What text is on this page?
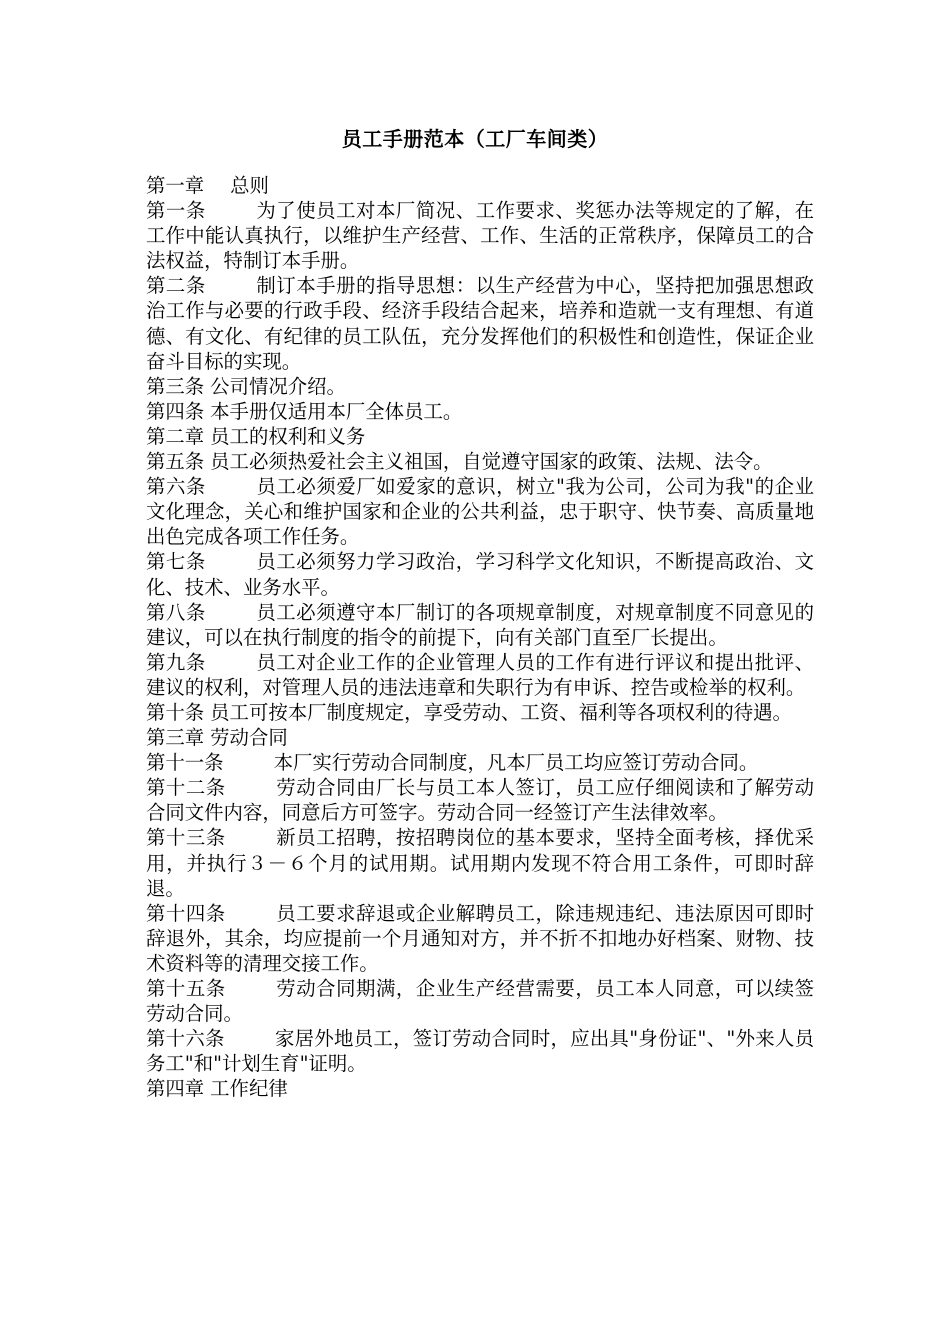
员工手册范本（工厂车间类）

第一章 总则

第一条	为了使员工对本厂简况、工作要求、奖惩办法等规定的了解，在工作中能认真执行，以维护生产经营、工作、生活的正常秩序，保障员工的合法权益，特制订本手册。

第二条	制订本手册的指导思想：以生产经营为中心，坚持把加强思想政治工作与必要的行政手段、经济手段结合起来，培养和造就一支有理想、有道德、有文化、有纪律的员工队伍，充分发挥他们的积极性和创造性，保证企业奋斗目标的实现。

第三条 公司情况介绍。

第四条 本手册仅适用本厂全体员工。

第二章 员工的权利和义务

第五条 员工必须热爱社会主义祖国，自觉遵守国家的政策、法规、法令。

第六条	员工必须爱厂如爱家的意识，树立"我为公司，公司为我"的企业文化理念，关心和维护国家和企业的公共利益，忠于职守、快节奏、高质量地出色完成各项工作任务。

第七条	员工必须努力学习政治，学习科学文化知识，不断提高政治、文化、技术、业务水平。

第八条	员工必须遵守本厂制订的各项规章制度，对规章制度不同意见的建议，可以在执行制度的指令的前提下，向有关部门直至厂长提出。

第九条	员工对企业工作的企业管理人员的工作有进行评议和提出批评、建议的权利，对管理人员的违法违章和失职行为有申诉、控告或检举的权利。

第十条 员工可按本厂制度规定，享受劳动、工资、福利等各项权利的待遇。

第三章 劳动合同

第十一条	本厂实行劳动合同制度，凡本厂员工均应签订劳动合同。

第十二条	劳动合同由厂长与员工本人签订，员工应仔细阅读和了解劳动合同文件内容，同意后方可签字。劳动合同一经签订产生法律效率。

第十三条	新员工招聘，按招聘岗位的基本要求，坚持全面考核，择优采用，并执行３－６个月的试用期。试用期内发现不符合用工条件，可即时辞退。

第十四条	员工要求辞退或企业解聘员工，除违规违纪、违法原因可即时辞退外，其余，均应提前一个月通知对方，并不折不扣地办好档案、财物、技术资料等的清理交接工作。

第十五条	劳动合同期满，企业生产经营需要，员工本人同意，可以续签劳动合同。

第十六条	家居外地员工，签订劳动合同时，应出具"身份证"、"外来人员务工"和"计划生育"证明。

第四章 工作纪律
